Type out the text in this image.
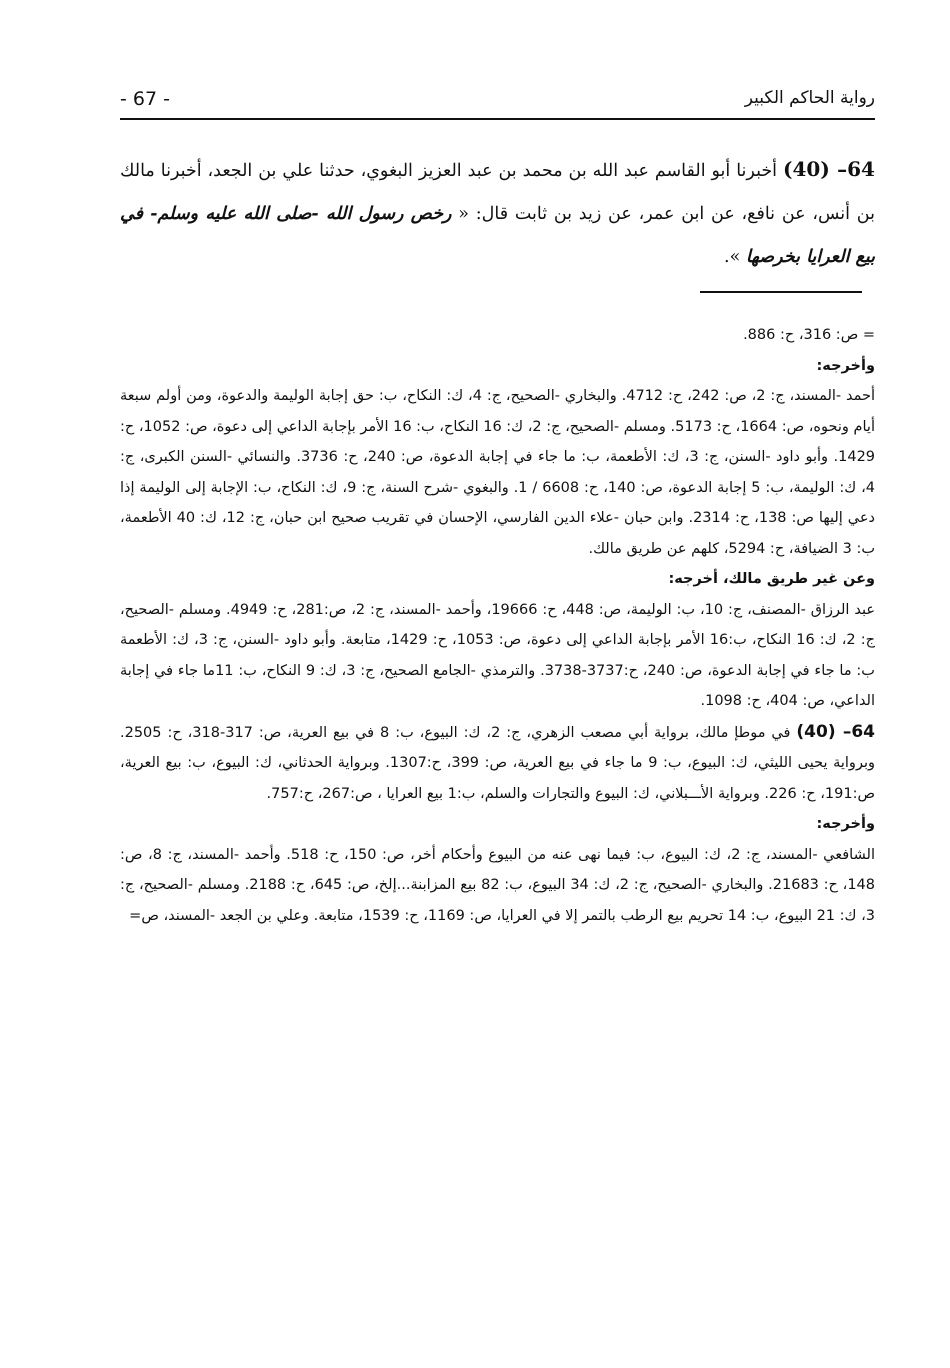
- 67 -	رواية الحاكم الكبير

64– (40) أخبرنا أبو القاسم عبد الله بن محمد بن عبد العزيز البغوي، حدثنا علي بن الجعد، أخبرنا مالك بن أنس، عن نافع، عن ابن عمر، عن زيد بن ثابت قال: « رخص رسول الله -صلى الله عليه وسلم- في بيع العرايا بخرصها ».

= ص: 316، ح: 886.

وأخرجه:

أحمد -المسند، ج: 2، ص: 242، ح: 4712. والبخاري -الصحيح، ج: 4، ك: النكاح، ب: حق إجابة الوليمة والدعوة، ومن أولم سبعة أيام ونحوه، ص: 1664، ح: 5173. ومسلم -الصحيح، ج: 2، ك: 16 النكاح، ب: 16 الأمر بإجابة الداعي إلى دعوة، ص: 1052، ح: 1429. وأبو داود -السنن، ج: 3، ك: الأطعمة، ب: ما جاء في إجابة الدعوة، ص: 240، ح: 3736. والنسائي -السنن الكبرى، ج: 4، ك: الوليمة، ب: 5 إجابة الدعوة، ص: 140، ح: 6608 / 1. والبغوي -شرح السنة، ج: 9، ك: النكاح، ب: الإجابة إلى الوليمة إذا دعي إليها ص: 138، ح: 2314. وابن حبان -علاء الدين الفارسي، الإحسان في تقريب صحيح ابن حبان، ج: 12، ك: 40 الأطعمة، ب: 3 الضيافة، ح: 5294، كلهم عن طريق مالك.

وعن غير طريق مالك، أخرجه:

عبد الرزاق -المصنف، ج: 10، ب: الوليمة، ص: 448، ح: 19666، وأحمد -المسند، ج: 2، ص:281، ح: 4949. ومسلم -الصحيح، ج: 2، ك: 16 النكاح، ب:16 الأمر بإجابة الداعي إلى دعوة، ص: 1053، ح: 1429، متابعة. وأبو داود -السنن، ج: 3، ك: الأطعمة ب: ما جاء في إجابة الدعوة، ص: 240، ح:3737-3738. والترمذي -الجامع الصحيح، ج: 3، ك: 9 النكاح، ب: 11ما جاء في إجابة الداعي، ص: 404، ح: 1098.

64– (40) في موطإ مالك، برواية أبي مصعب الزهري، ج: 2، ك: البيوع، ب: 8 في بيع العرية، ص: 317-318، ح: 2505. وبرواية يحيى الليثي، ك: البيوع، ب: 9 ما جاء في بيع العرية، ص: 399، ح:1307. وبرواية الحدثاني، ك: البيوع، ب: بيع العرية، ص:191، ح: 226. وبرواية الأ‍ـ‍ـ‍ـبلاني، ك: البيوع والتجارات والسلم، ب:1 بيع العرايا ، ص:267، ح:757.

وأخرجه:

الشافعي -المسند، ج: 2، ك: البيوع، ب: فيما نهى عنه من البيوع وأحكام أخر، ص: 150، ح: 518. وأحمد -المسند، ج: 8، ص: 148، ح: 21683. والبخاري -الصحيح، ج: 2، ك: 34 البيوع، ب: 82 بيع المزابنة...إلخ، ص: 645، ح: 2188. ومسلم -الصحيح، ج: 3، ك: 21 البيوع، ب: 14 تحريم بيع الرطب بالتمر إلا في العرايا، ص: 1169، ح: 1539، متابعة. وعلي بن الجعد -المسند، ص=
